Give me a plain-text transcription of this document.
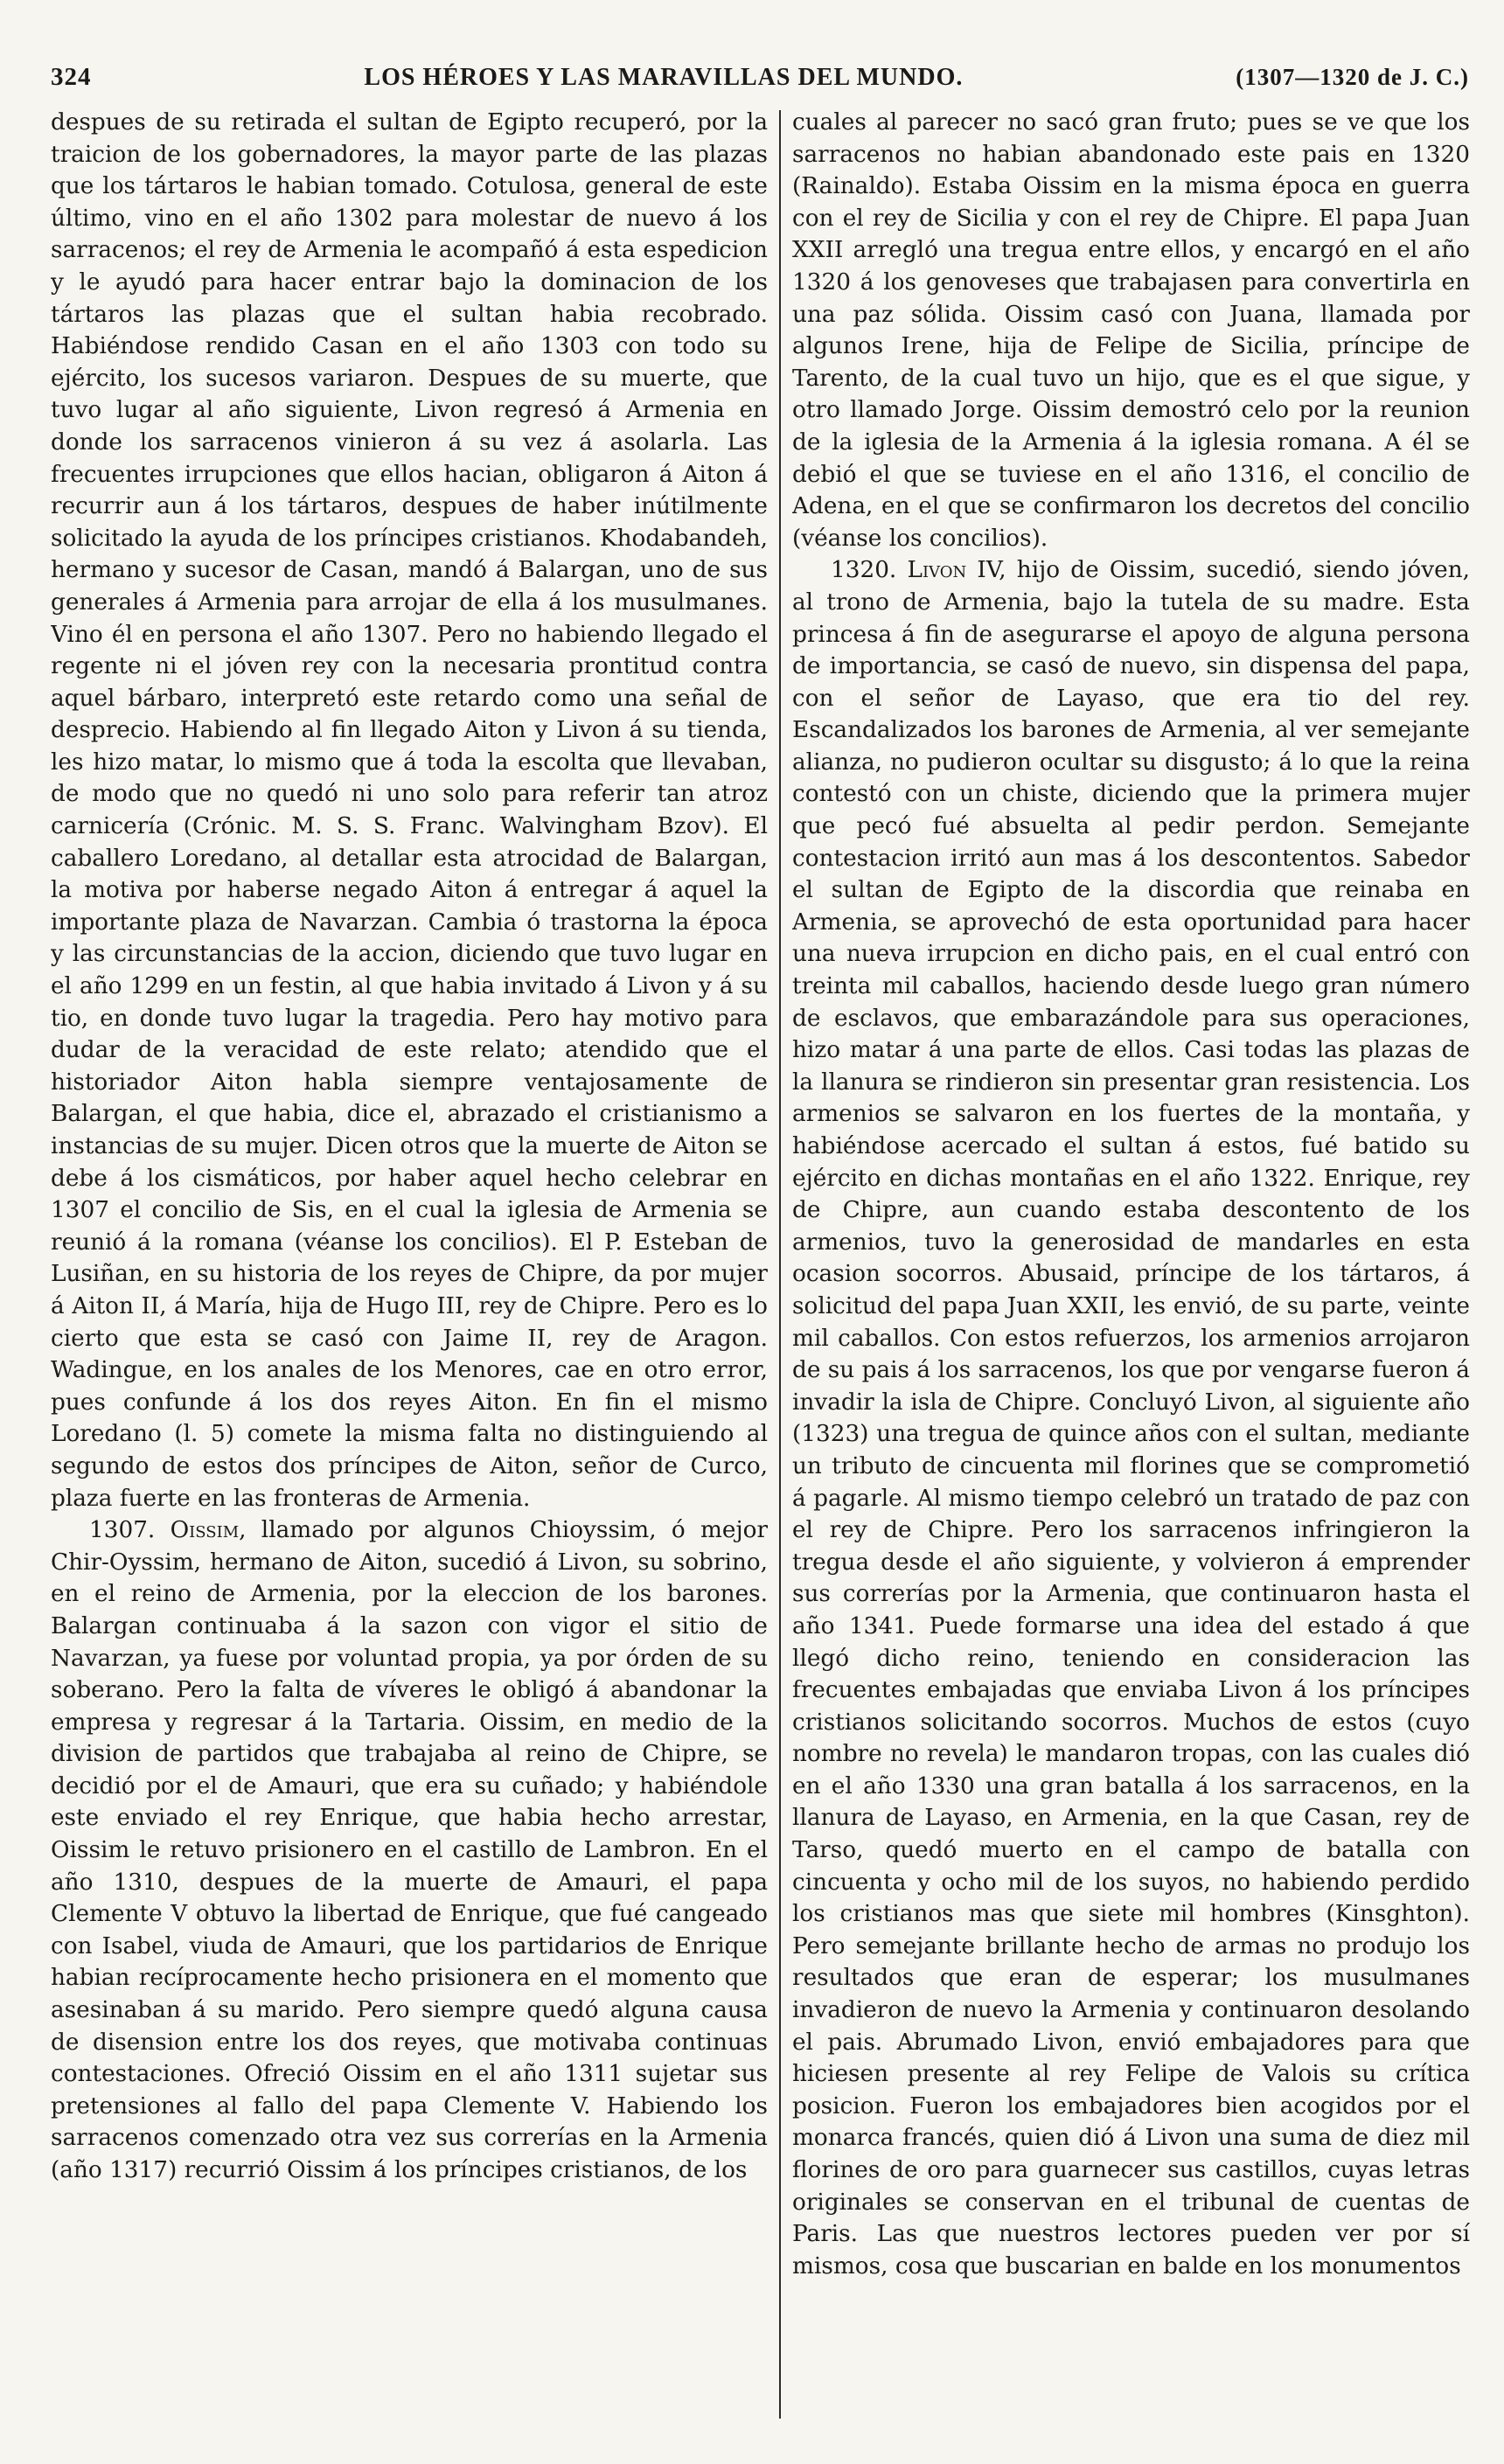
324	LOS HÉROES Y LAS MARAVILLAS DEL MUNDO.	(1307—1320 de J. C.)

despues de su retirada el sultan de Egipto recuperó, por la traicion de los gobernadores, la mayor parte de las plazas que los tártaros le habian tomado. Cotulosa, general de este último, vino en el año 1302 para molestar de nuevo á los sarracenos; el rey de Armenia le acompañó á esta espedicion y le ayudó para hacer entrar bajo la dominacion de los tártaros las plazas que el sultan habia recobrado. Habiéndose rendido Casan en el año 1303 con todo su ejército, los sucesos variaron. Despues de su muerte, que tuvo lugar al año siguiente, Livon regresó á Armenia en donde los sarracenos vinieron á su vez á asolarla. Las frecuentes irrupciones que ellos hacian, obligaron á Aiton á recurrir aun á los tártaros, despues de haber inútilmente solicitado la ayuda de los príncipes cristianos. Khodabandeh, hermano y sucesor de Casan, mandó á Balargan, uno de sus generales á Armenia para arrojar de ella á los musulmanes. Vino él en persona el año 1307. Pero no habiendo llegado el regente ni el jóven rey con la necesaria prontitud contra aquel bárbaro, interpretó este retardo como una señal de desprecio. Habiendo al fin llegado Aiton y Livon á su tienda, les hizo matar, lo mismo que á toda la escolta que llevaban, de modo que no quedó ni uno solo para referir tan atroz carnicería (Crónic. M. S. S. Franc. Walvingham Bzov). El caballero Loredano, al detallar esta atrocidad de Balargan, la motiva por haberse negado Aiton á entregar á aquel la importante plaza de Navarzan. Cambia ó trastorna la época y las circunstancias de la accion, diciendo que tuvo lugar en el año 1299 en un festin, al que habia invitado á Livon y á su tio, en donde tuvo lugar la tragedia. Pero hay motivo para dudar de la veracidad de este relato; atendido que el historiador Aiton habla siempre ventajosamente de Balargan, el que habia, dice el, abrazado el cristianismo a instancias de su mujer. Dicen otros que la muerte de Aiton se debe á los cismáticos, por haber aquel hecho celebrar en 1307 el concilio de Sis, en el cual la iglesia de Armenia se reunió á la romana (véanse los concilios). El P. Esteban de Lusiñan, en su historia de los reyes de Chipre, da por mujer á Aiton II, á María, hija de Hugo III, rey de Chipre. Pero es lo cierto que esta se casó con Jaime II, rey de Aragon. Wadingue, en los anales de los Menores, cae en otro error, pues confunde á los dos reyes Aiton. En fin el mismo Loredano (l. 5) comete la misma falta no distinguiendo al segundo de estos dos príncipes de Aiton, señor de Curco, plaza fuerte en las fronteras de Armenia.

1307. Oissim, llamado por algunos Chioyssim, ó mejor Chir-Oyssim, hermano de Aiton, sucedió á Livon, su sobrino, en el reino de Armenia, por la eleccion de los barones. Balargan continuaba á la sazon con vigor el sitio de Navarzan, ya fuese por voluntad propia, ya por órden de su soberano. Pero la falta de víveres le obligó á abandonar la empresa y regresar á la Tartaria. Oissim, en medio de la division de partidos que trabajaba al reino de Chipre, se decidió por el de Amauri, que era su cuñado; y habiéndole este enviado el rey Enrique, que habia hecho arrestar, Oissim le retuvo prisionero en el castillo de Lambron. En el año 1310, despues de la muerte de Amauri, el papa Clemente V obtuvo la libertad de Enrique, que fué cangeado con Isabel, viuda de Amauri, que los partidarios de Enrique habian recíprocamente hecho prisionera en el momento que asesinaban á su marido. Pero siempre quedó alguna causa de disension entre los dos reyes, que motivaba continuas contestaciones. Ofreció Oissim en el año 1311 sujetar sus pretensiones al fallo del papa Clemente V. Habiendo los sarracenos comenzado otra vez sus correrías en la Armenia (año 1317) recurrió Oissim á los príncipes cristianos, de los

cuales al parecer no sacó gran fruto; pues se ve que los sarracenos no habian abandonado este pais en 1320 (Rainaldo). Estaba Oissim en la misma época en guerra con el rey de Sicilia y con el rey de Chipre. El papa Juan XXII arregló una tregua entre ellos, y encargó en el año 1320 á los genoveses que trabajasen para convertirla en una paz sólida. Oissim casó con Juana, llamada por algunos Irene, hija de Felipe de Sicilia, príncipe de Tarento, de la cual tuvo un hijo, que es el que sigue, y otro llamado Jorge. Oissim demostró celo por la reunion de la iglesia de la Armenia á la iglesia romana. A él se debió el que se tuviese en el año 1316, el concilio de Adena, en el que se confirmaron los decretos del concilio (véanse los concilios).

1320. Livon IV, hijo de Oissim, sucedió, siendo jóven, al trono de Armenia, bajo la tutela de su madre. Esta princesa á fin de asegurarse el apoyo de alguna persona de importancia, se casó de nuevo, sin dispensa del papa, con el señor de Layaso, que era tio del rey. Escandalizados los barones de Armenia, al ver semejante alianza, no pudieron ocultar su disgusto; á lo que la reina contestó con un chiste, diciendo que la primera mujer que pecó fué absuelta al pedir perdon. Semejante contestacion irritó aun mas á los descontentos. Sabedor el sultan de Egipto de la discordia que reinaba en Armenia, se aprovechó de esta oportunidad para hacer una nueva irrupcion en dicho pais, en el cual entró con treinta mil caballos, haciendo desde luego gran número de esclavos, que embarazándole para sus operaciones, hizo matar á una parte de ellos. Casi todas las plazas de la llanura se rindieron sin presentar gran resistencia. Los armenios se salvaron en los fuertes de la montaña, y habiéndose acercado el sultan á estos, fué batido su ejército en dichas montañas en el año 1322. Enrique, rey de Chipre, aun cuando estaba descontento de los armenios, tuvo la generosidad de mandarles en esta ocasion socorros. Abusaid, príncipe de los tártaros, á solicitud del papa Juan XXII, les envió, de su parte, veinte mil caballos. Con estos refuerzos, los armenios arrojaron de su pais á los sarracenos, los que por vengarse fueron á invadir la isla de Chipre. Concluyó Livon, al siguiente año (1323) una tregua de quince años con el sultan, mediante un tributo de cincuenta mil florines que se comprometió á pagarle. Al mismo tiempo celebró un tratado de paz con el rey de Chipre. Pero los sarracenos infringieron la tregua desde el año siguiente, y volvieron á emprender sus correrías por la Armenia, que continuaron hasta el año 1341. Puede formarse una idea del estado á que llegó dicho reino, teniendo en consideracion las frecuentes embajadas que enviaba Livon á los príncipes cristianos solicitando socorros. Muchos de estos (cuyo nombre no revela) le mandaron tropas, con las cuales dió en el año 1330 una gran batalla á los sarracenos, en la llanura de Layaso, en Armenia, en la que Casan, rey de Tarso, quedó muerto en el campo de batalla con cincuenta y ocho mil de los suyos, no habiendo perdido los cristianos mas que siete mil hombres (Kinsghton). Pero semejante brillante hecho de armas no produjo los resultados que eran de esperar; los musulmanes invadieron de nuevo la Armenia y continuaron desolando el pais. Abrumado Livon, envió embajadores para que hiciesen presente al rey Felipe de Valois su crítica posicion. Fueron los embajadores bien acogidos por el monarca francés, quien dió á Livon una suma de diez mil florines de oro para guarnecer sus castillos, cuyas letras originales se conservan en el tribunal de cuentas de Paris. Las que nuestros lectores pueden ver por sí mismos, cosa que buscarian en balde en los monumentos
